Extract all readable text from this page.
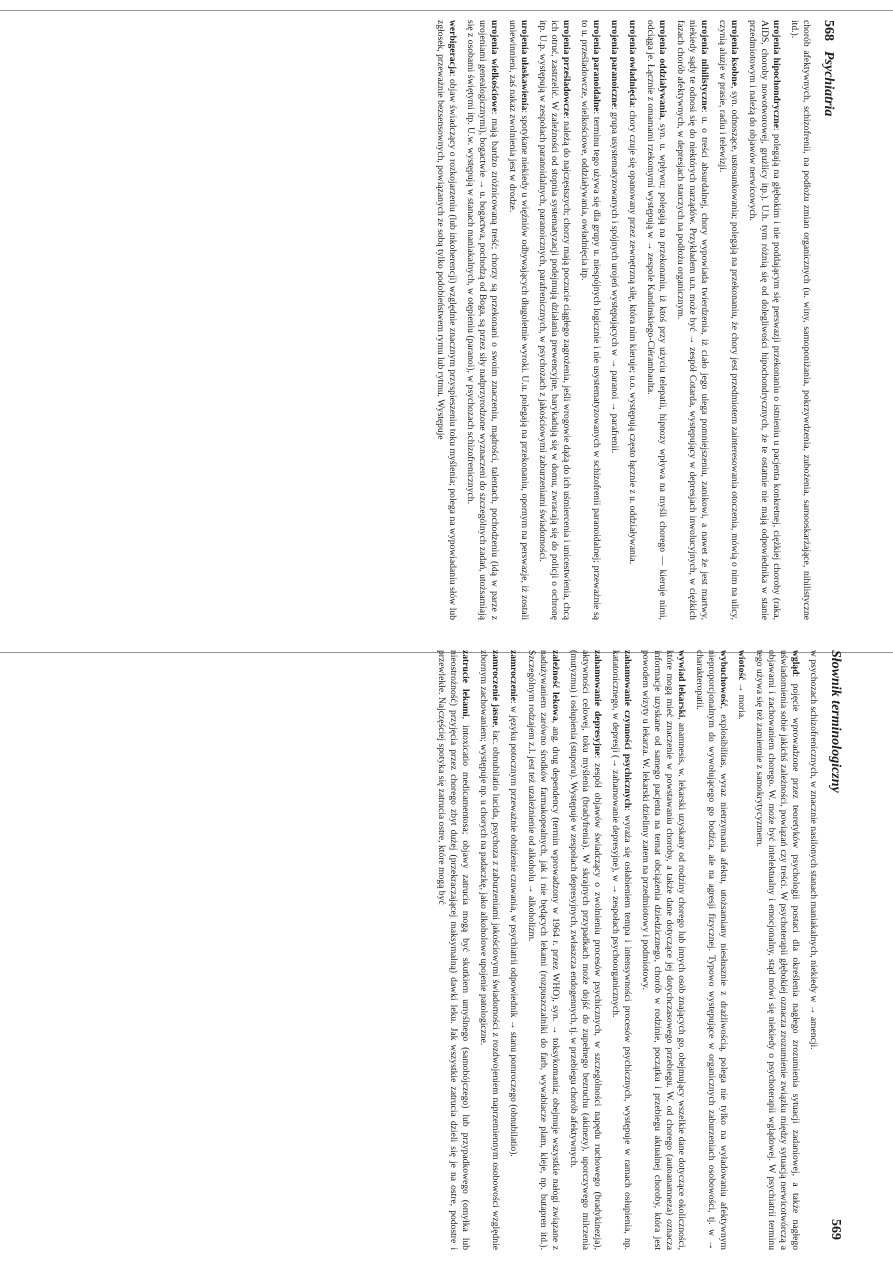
568
Psychiatria

chorób afektywnych, schizofrenii, na podłożu zmian organicznych (u. winy, samoponiżania, pokrzywdzenia, zubożenia, samooskarżające, nihilistyczne itd.).

urojenia hipochondryczne: polegają na głębokim i nie poddającym się perswazji przekonaniu o istnieniu u pacjenta konkretnej, ciężkiej choroby (raka, AIDS, choroby nowotworowej, grużlicy itp.). U.h. tym różnią się od dolegliwości hipochondrycznych, że te ostatnie nie mają odpowiednika w stanie przedmiotowym i należą do objawów nerwicowych.

urojenia ksobne, syn. odnoszące, ustosunkowania; polegają na przekonaniu, że chory jest przedmiotem zainteresowania otoczenia, mówią o nim na ulicy, czynią aluzje w prasie, radiu i telewizji.

urojenia nihilistyczne: u. o treści absurdalnej, chory wypowiada twierdzenia, iż ciało jego ulega pomniejszeniu, zanikowi, a nawet że jest martwy, niekiedy sądy te odnosi się do niektórych narządów. Przykładem u.n. może być → zespół Cotarda, występujący w depresjach inwolucyjnych, w ciężkich fazach chorób afektywnych, w depresjach starczych na podłożu organicznym.

urojenia oddziaływania, syn. u. wpływu; polegają na przekonaniu, iż ktoś przy użyciu telepatii, hipnozy wpływa na myśli chorego — kieruje nimi, odciąga je. Łącznie z omamami rzekomymi występują w → zespole Kandinskiego-Clérambaulta.

urojenia owładnięcia: chory czuje się opanowany przez zewnętrzną siłę, która nim kieruje; u.o. występują często łącznie z u. oddziaływania.

urojenia paranoiczne: grupa usystematyzowanych i spójnych urojeń występujących w → paranoi → parafrenii.

urojenia paranoidalne: terminu tego używa się dla grupy u. niespójnych logicznie i nie usystematyzowanych w schizofrenii paranoidalnej; przeważnie są to u. prześladowcze, wielkościowe, oddziaływania, owładnięcia itp.

urojenia prześladowcze: należą do najczęstszych; chorzy mają poczucie ciągłego zagrożenia, jeśli wrogowie dążą do ich uśmiercenia i unicestwienia, chcą ich otruć, zastrzelić. W zależności od stopnia systematyzacji podejmują działania prewencyjne, barykadują się w domu, zwracają się do policji o ochronę itp. U.p. występują w zespołach paranoidalnych, paranoicznych, parafrenicznych, w psychozach z jakościowymi zaburzeniami świadomości.

urojenia ułaskawienia: spotykane niekiedy u więźniów odbywających długoletnie wyroki. U.u. polegają na przekonaniu, opornym na perswazje, iż zostali uniewinnieni, zaś nakaz zwolnienia jest w drodze.

urojenia wielkościowe: mają bardzo zróżnicowaną treść; chorzy są przekonani o swoim znaczeniu, mądrości, talentach, pochodzeniu (idą w parze z urojeniami genealogicznymi), bogactwie → u. bogactwa, pochodzą od Boga, są przez siły nadprzyrodzone wyznaczeni do szczególnych zadań, utożsamiają się z osobami świętymi itp. U.w. występują w stanach maniakalnych, w otępieniu (paranoi), w psychozach schizofrenicznych.

werbigeracja: objaw świadczący o rozkojarzeniu (lub inkoherencji) względnie znacznym przyspieszeniu toku myślenia; polega na wypowiadaniu słów lub zgłosek, przeważnie bezsensownych, powiązanych ze sobą tylko podobieństwem rymu lub rytmu. Występuje

Słownik terminologiczny
569

w psychozach schizofrenicznych, w znacznie nasilonych stanach maniakalnych, niekiedy w → amencji.

wgląd: pojęcie wprowadzone przez teoretyków psychologii postaci dla określenia nagłego zrozumienia sytuacji zadaniowej, a także nagłego uświadomienia sobie jakichś zależności, powiązań czy treści. W psychoterapii głębokiej oznacza zrozumienie związku między sytuacją nerwicotwórczą a objawami i zachowaniem chorego. W. może być intelektualny i emocjonalny, stąd mówi się niekiedy o psychoterapii wglądowej. W psychiatrii terminu tego używa się też zamiennie z samokrytycyzmem.

wiotość → moria.

wybuchowość, explosibilitas, wyraz nietrzymania afektu, utożsamiany niesłusznie z drażliwością, polega nie tylko na wyładowaniu afektywnym nieproporcjonalnym do wywołującego go bodźca, ale na agresji fizycznej. Typowo występujące w organicznych zaburzeniach osobowości, tj. w → charakteropatii.

wywiad lekarski, anamnesis, w. lekarski uzyskany od rodziny chorego lub innych osób znających go, obejmujący wszelkie dane dotyczące okoliczności, które mogą mieć znaczenie w powstawaniu choroby, a także dane dotyczące jej dotychczasowego przebiegu. W. od chorego (autoanamneza) oznacza informacje uzyskane od samego pacjenta na temat obciążenia dziedzicznego, chorób w rodzinie, początku i przebiegu aktualnej choroby, która jest powodem wizyty u lekarza. W. lekarski dzielimy zatem na przedmiotowy i podmiotowy.

zahamowanie czynności psychicznych: wyraża się osłabieniem tempa i intensywności procesów psychicznych, występuje w ramach osłupienia, np. katatonicznego, w depresji (→ zahamowanie depresyjne), w → zespołach psychoorganicznych.

zahamowanie depresyjne: zespół objawów świadczący o zwolnieniu procesów psychicznych, w szczególności napędu ruchowego (bradykinezja), aktywności celowej, toku myślenia (bradyfrenia). W skrajnych przypadkach może dojść do zupełnego bezruchu (akinezy), uporczywego milczenia (mutyzmu) i osłupienia (stuporu). Występuje w zespołach depresyjnych, zwłaszcza endogennych, tj. w przebiegu chorób afektywnych.

zależność lekowa, ang. drug dependency (termin wprowadzony w 1964 r. przez WHO), syn. → toksykomania; obejmuje wszystkie nałogi związane z nadużywaniem zarówno środków farmakopealnych, jak i nie będących lekami (rozpuszczalniki do farb, wywabiacze plam, kleje, np. butapren itd.). Szczególnym rodzajem z.l. jest też uzależnienie od alkoholu → alkoholizm.

zamroczenie: w języku potocznym przeważnie obniżenie czuwania, w psychiatrii odpowiednik → stanu pomroczego (obnubilatio).

zamroczenie jasne, łac. obnubilatio lucida, psychoza z zaburzeniami jakościowymi świadomości z rozdwojeniem naprzemiennym osobowości względnie zbornym zachowaniem; występuje np. u chorych na padaczkę, jako alkoholowe upojenie patologiczne.

zatrucie lekami, intoxicatio medicamentosa; objawy zatrucia mogą być skutkiem umyślnego (samobójczego) lub przypadkowego (omyłka lub nieostrożność) przyjęcia przez chorego zbyt dużej (przekraczającej maksymalną) dawki leku. Jak wszystkie zatrucia dzieli się je na ostre, podostre i przewlekłe. Najczęściej spotyka się zatrucia ostre, które mogą być
